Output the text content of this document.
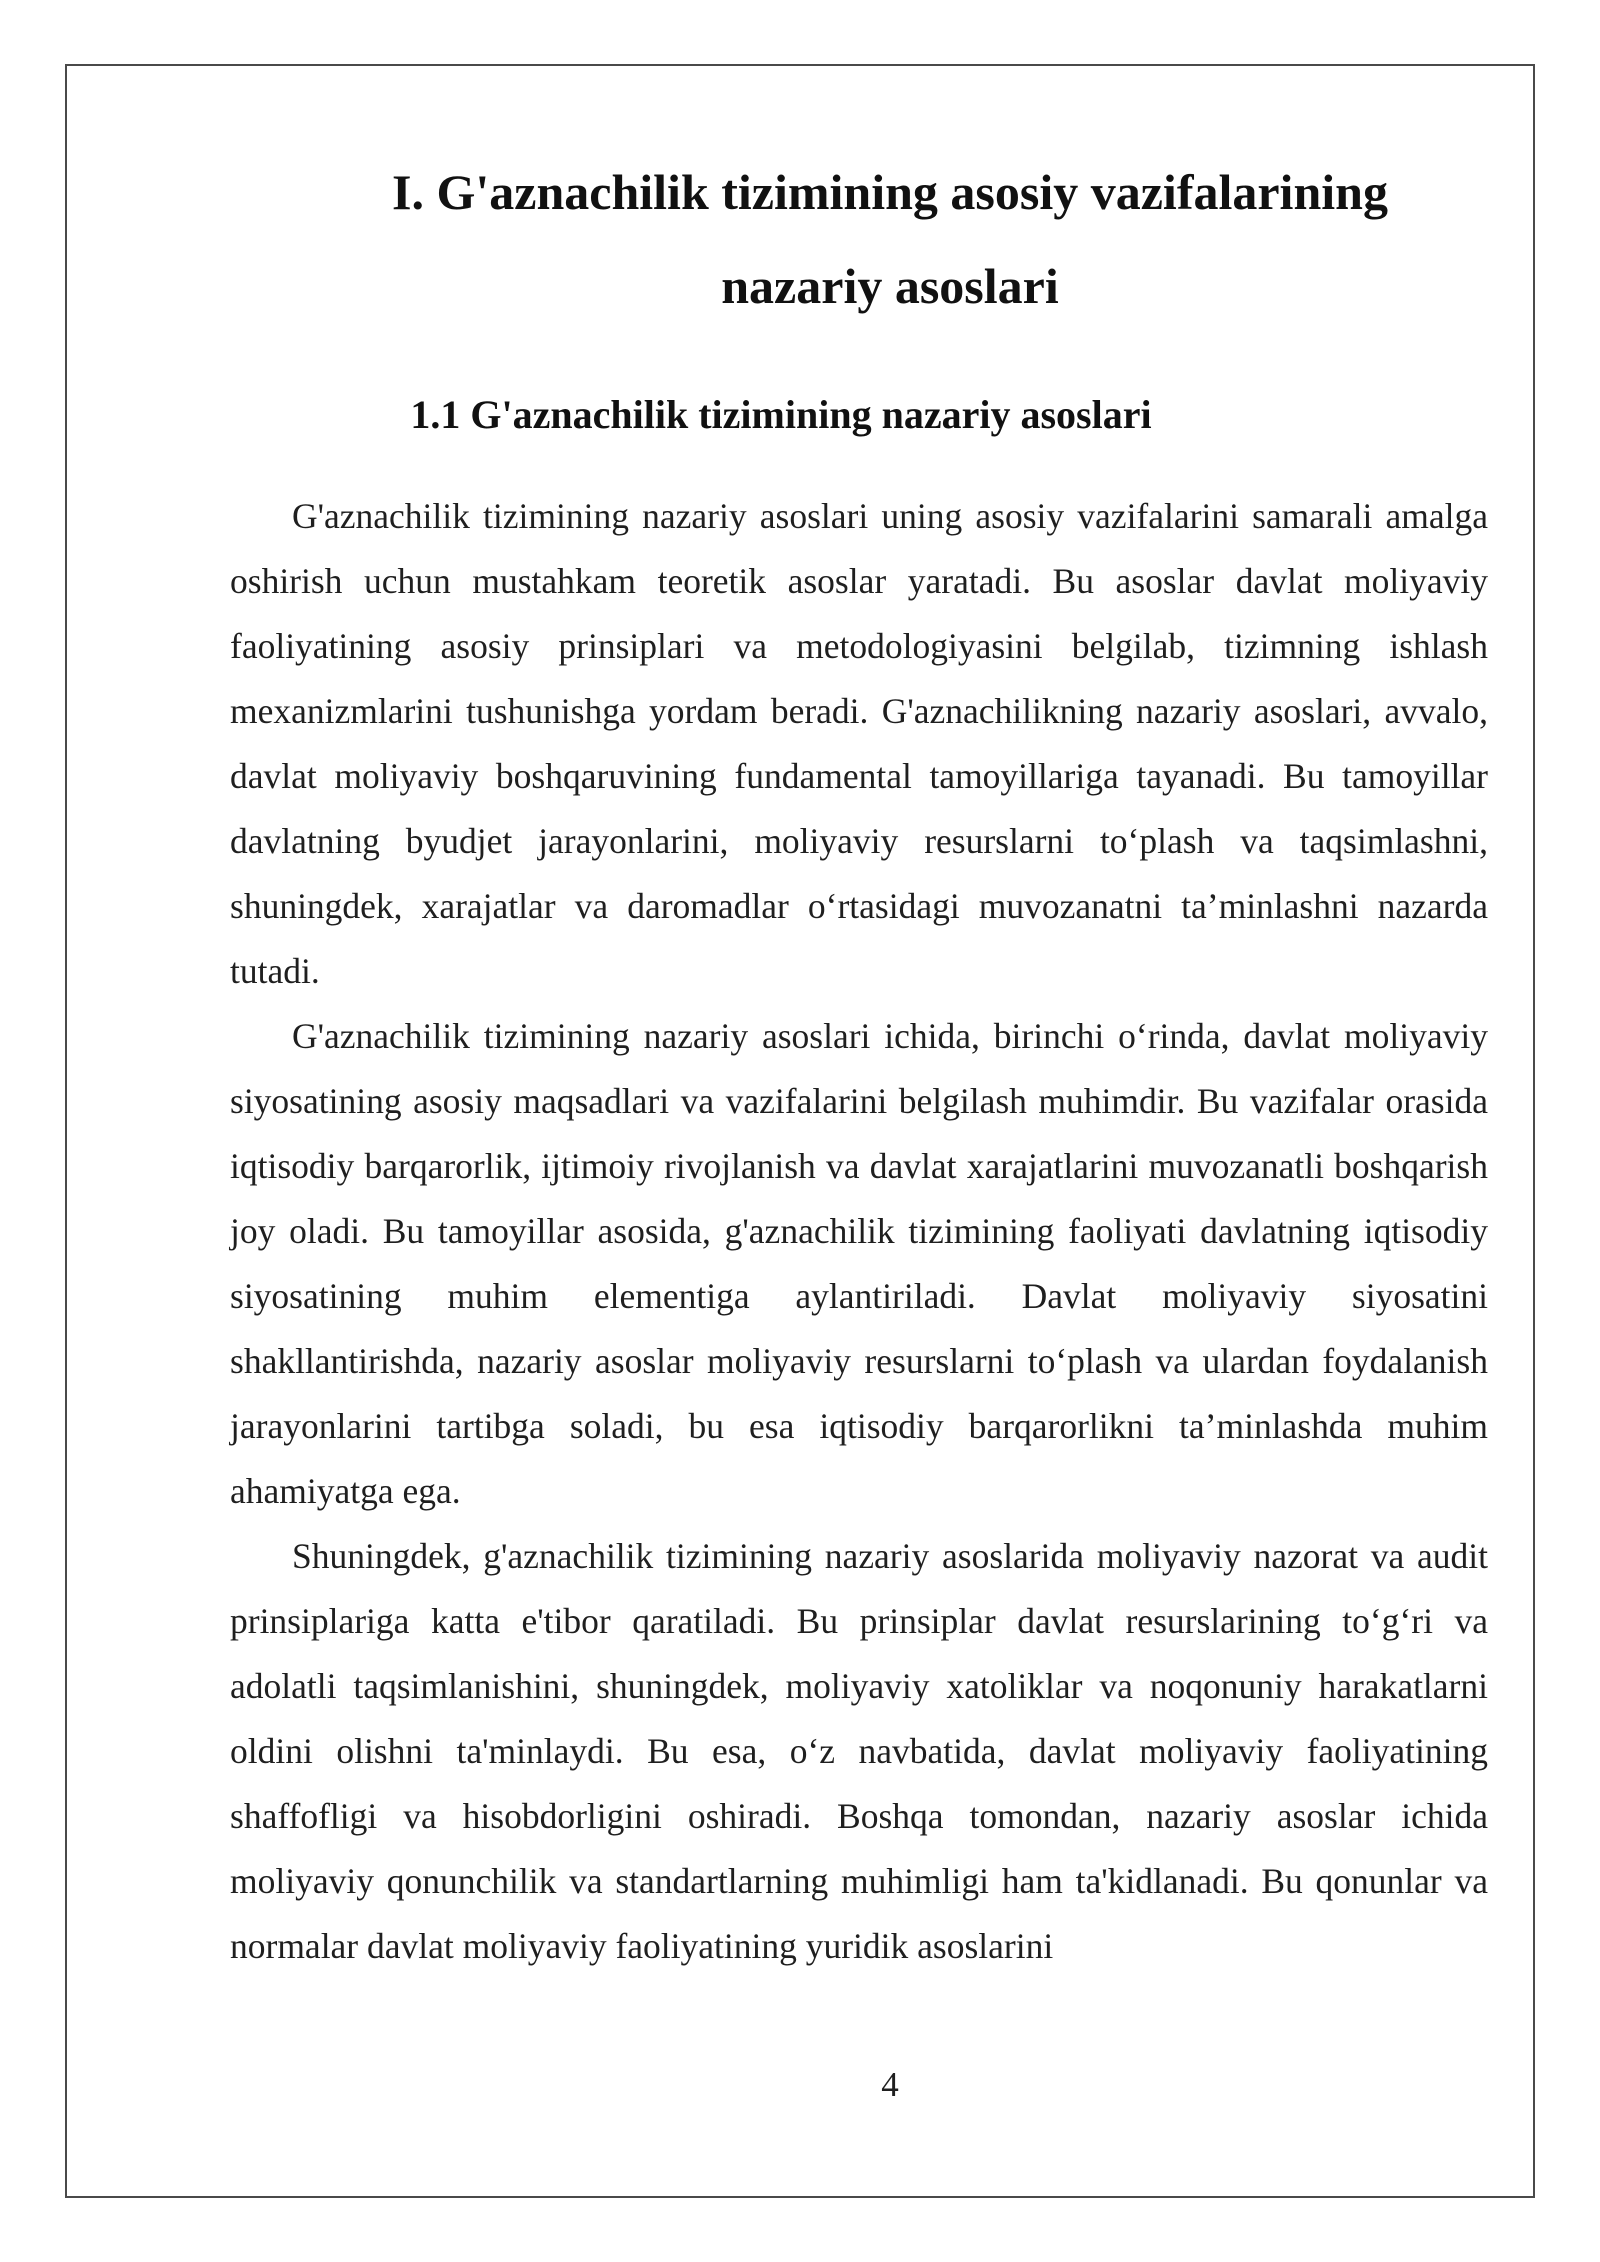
I. G'aznachilik tizimining asosiy vazifalarining nazariy asoslari
1.1 G'aznachilik tizimining nazariy asoslari

G'aznachilik tizimining nazariy asoslari uning asosiy vazifalarini samarali amalga oshirish uchun mustahkam teoretik asoslar yaratadi. Bu asoslar davlat moliyaviy faoliyatining asosiy prinsiplari va metodologiyasini belgilab, tizimning ishlash mexanizmlarini tushunishga yordam beradi. G'aznachilikning nazariy asoslari, avvalo, davlat moliyaviy boshqaruvining fundamental tamoyillariga tayanadi. Bu tamoyillar davlatning byudjet jarayonlarini, moliyaviy resurslarni to‘plash va taqsimlashni, shuningdek, xarajatlar va daromadlar o‘rtasidagi muvozanatni ta’minlashni nazarda tutadi.

G'aznachilik tizimining nazariy asoslari ichida, birinchi o‘rinda, davlat moliyaviy siyosatining asosiy maqsadlari va vazifalarini belgilash muhimdir. Bu vazifalar orasida iqtisodiy barqarorlik, ijtimoiy rivojlanish va davlat xarajatlarini muvozanatli boshqarish joy oladi. Bu tamoyillar asosida, g'aznachilik tizimining faoliyati davlatning iqtisodiy siyosatining muhim elementiga aylantiriladi. Davlat moliyaviy siyosatini shakllantirishda, nazariy asoslar moliyaviy resurslarni to‘plash va ulardan foydalanish jarayonlarini tartibga soladi, bu esa iqtisodiy barqarorlikni ta’minlashda muhim ahamiyatga ega.

Shuningdek, g'aznachilik tizimining nazariy asoslarida moliyaviy nazorat va audit prinsiplariga katta e'tibor qaratiladi. Bu prinsiplar davlat resurslarining to‘g‘ri va adolatli taqsimlanishini, shuningdek, moliyaviy xatoliklar va noqonuniy harakatlarni oldini olishni ta'minlaydi. Bu esa, o‘z navbatida, davlat moliyaviy faoliyatining shaffofligi va hisobdorligini oshiradi. Boshqa tomondan, nazariy asoslar ichida moliyaviy qonunchilik va standartlarning muhimligi ham ta'kidlanadi. Bu qonunlar va normalar davlat moliyaviy faoliyatining yuridik asoslarini

4
